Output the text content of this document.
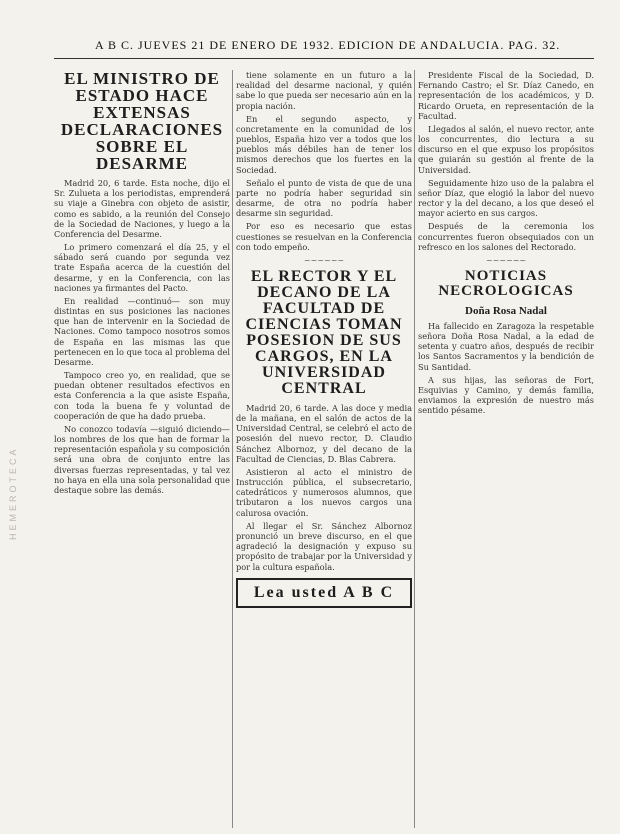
A B C. JUEVES 21 DE ENERO DE 1932. EDICION DE ANDALUCIA. PAG. 32.
HEMEROTECA
EL MINISTRO DE ESTADO HACE EXTENSAS DECLARACIONES SOBRE EL DESARME

Madrid 20, 6 tarde. Esta noche, dijo el Sr. Zulueta a los periodistas, emprenderá su viaje a Ginebra con objeto de asistir, como es sabido, a la reunión del Consejo de la Sociedad de Naciones, y luego a la Conferencia del Desarme.

Lo primero comenzará el día 25, y el sábado será cuando por segunda vez trate España acerca de la cuestión del desarme, y en la Conferencia, con las naciones ya firmantes del Pacto.

En realidad —continuó— son muy distintas en sus posiciones las naciones que han de intervenir en la Sociedad de Naciones. Como tampoco nosotros somos de España en las mismas las que pertenecen en lo que toca al problema del Desarme.

Tampoco creo yo, en realidad, que se puedan obtener resultados efectivos en esta Conferencia a la que asiste España, con toda la buena fe y voluntad de cooperación de que ha dado prueba.

No conozco todavía —siguió diciendo— los nombres de los que han de formar la representación española y su composición será una obra de conjunto entre las diversas fuerzas representadas, y tal vez no haya en ella una sola personalidad que destaque sobre las demás.

tiene solamente en un futuro a la realidad del desarme nacional, y quién sabe lo que pueda ser necesario aún en la propia nación.

En el segundo aspecto, y concretamente en la comunidad de los pueblos, España hizo ver a todos que los pueblos más débiles han de tener los mismos derechos que los fuertes en la Sociedad.

Señalo el punto de vista de que de una parte no podría haber seguridad sin desarme, de otra no podría haber desarme sin seguridad.

Por eso es necesario que estas cuestiones se resuelvan en la Conferencia con todo empeño.

~~~~~~
EL RECTOR Y EL DECANO DE LA FACULTAD DE CIENCIAS TOMAN POSESION DE SUS CARGOS, EN LA UNIVERSIDAD CENTRAL

Madrid 20, 6 tarde. A las doce y media de la mañana, en el salón de actos de la Universidad Central, se celebró el acto de posesión del nuevo rector, D. Claudio Sánchez Albornoz, y del decano de la Facultad de Ciencias, D. Blas Cabrera.

Asistieron al acto el ministro de Instrucción pública, el subsecretario, catedráticos y numerosos alumnos, que tributaron a los nuevos cargos una calurosa ovación.

Al llegar el Sr. Sánchez Albornoz pronunció un breve discurso, en el que agradeció la designación y expuso su propósito de trabajar por la Universidad y por la cultura española.

Lea usted A B C

Presidente Fiscal de la Sociedad, D. Fernando Castro; el Sr. Díaz Canedo, en representación de los académicos, y D. Ricardo Orueta, en representación de la Facultad.

Llegados al salón, el nuevo rector, ante los concurrentes, dio lectura a su discurso en el que expuso los propósitos que guiarán su gestión al frente de la Universidad.

Seguidamente hizo uso de la palabra el señor Díaz, que elogió la labor del nuevo rector y la del decano, a los que deseó el mayor acierto en sus cargos.

Después de la ceremonia los concurrentes fueron obsequiados con un refresco en los salones del Rectorado.

~~~~~~
NOTICIAS NECROLOGICAS
Doña Rosa Nadal

Ha fallecido en Zaragoza la respetable señora Doña Rosa Nadal, a la edad de setenta y cuatro años, después de recibir los Santos Sacramentos y la bendición de Su Santidad.

A sus hijas, las señoras de Fort, Esquivias y Camino, y demás familia, enviamos la expresión de nuestro más sentido pésame.
